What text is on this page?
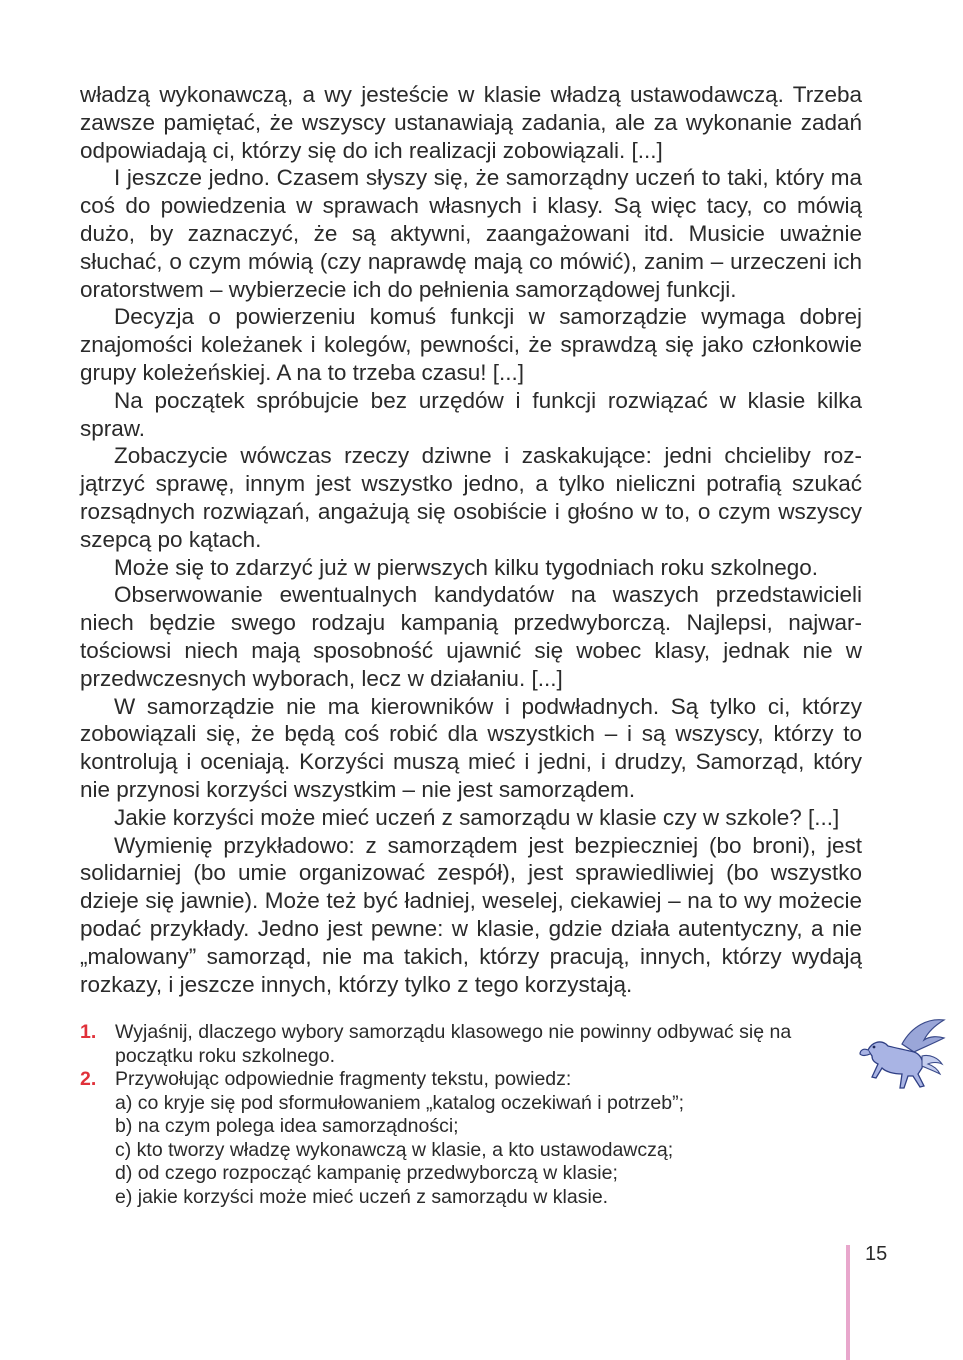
władzą wykonawczą, a wy jesteście w klasie władzą ustawodawczą. Trzeba zawsze pamiętać, że wszyscy ustanawiają zadania, ale za wykonanie zadań odpowiadają ci, którzy się do ich realizacji zobowiązali. [...]

I jeszcze jedno. Czasem słyszy się, że samorządny uczeń to taki, który ma coś do powiedzenia w sprawach własnych i klasy. Są więc tacy, co mówią dużo, by zaznaczyć, że są aktywni, zaangażowani itd. Musicie uważnie słuchać, o czym mówią (czy naprawdę mają co mówić), zanim – urzeczeni ich oratorstwem – wybierzecie ich do pełnienia samorządowej funkcji.

Decyzja o powierzeniu komuś funkcji w samorządzie wymaga dobrej znajomości koleżanek i kolegów, pewności, że sprawdzą się jako członkowie grupy koleżeńskiej. A na to trzeba czasu! [...]

Na początek spróbujcie bez urzędów i funkcji rozwiązać w klasie kilka spraw.

Zobaczycie wówczas rzeczy dziwne i zaskakujące: jedni chcieliby rozjątrzyć sprawę, innym jest wszystko jedno, a tylko nieliczni potrafią szukać rozsądnych rozwiązań, angażują się osobiście i głośno w to, o czym wszyscy szepcą po kątach.

Może się to zdarzyć już w pierwszych kilku tygodniach roku szkolnego.

Obserwowanie ewentualnych kandydatów na waszych przedstawicieli niech będzie swego rodzaju kampanią przedwyborczą. Najlepsi, najwartościowsi niech mają sposobność ujawnić się wobec klasy, jednak nie w przedwczesnych wyborach, lecz w działaniu. [...]

W samorządzie nie ma kierowników i podwładnych. Są tylko ci, którzy zobowiązali się, że będą coś robić dla wszystkich – i są wszyscy, którzy to kontrolują i oceniają. Korzyści muszą mieć i jedni, i drudzy, Samorząd, który nie przynosi korzyści wszystkim – nie jest samorządem.

Jakie korzyści może mieć uczeń z samorządu w klasie czy w szkole? [...]

Wymienię przykładowo: z samorządem jest bezpieczniej (bo broni), jest solidarniej (bo umie organizować zespół), jest sprawiedliwiej (bo wszystko dzieje się jawnie). Może też być ładniej, weselej, ciekawiej – na to wy możecie podać przykłady. Jedno jest pewne: w klasie, gdzie działa autentyczny, a nie „malowany” samorząd, nie ma takich, którzy pracują, innych, którzy wydają rozkazy, i jeszcze innych, którzy tylko z tego korzystają.

1. Wyjaśnij, dlaczego wybory samorządu klasowego nie powinny odbywać się na początku roku szkolnego.
2. Przywołując odpowiednie fragmenty tekstu, powiedz:
a) co kryje się pod sformułowaniem „katalog oczekiwań i potrzeb”;
b) na czym polega idea samorządności;
c) kto tworzy władzę wykonawczą w klasie, a kto ustawodawczą;
d) od czego rozpocząć kampanię przedwyborczą w klasie;
e) jakie korzyści może mieć uczeń z samorządu w klasie.
15
